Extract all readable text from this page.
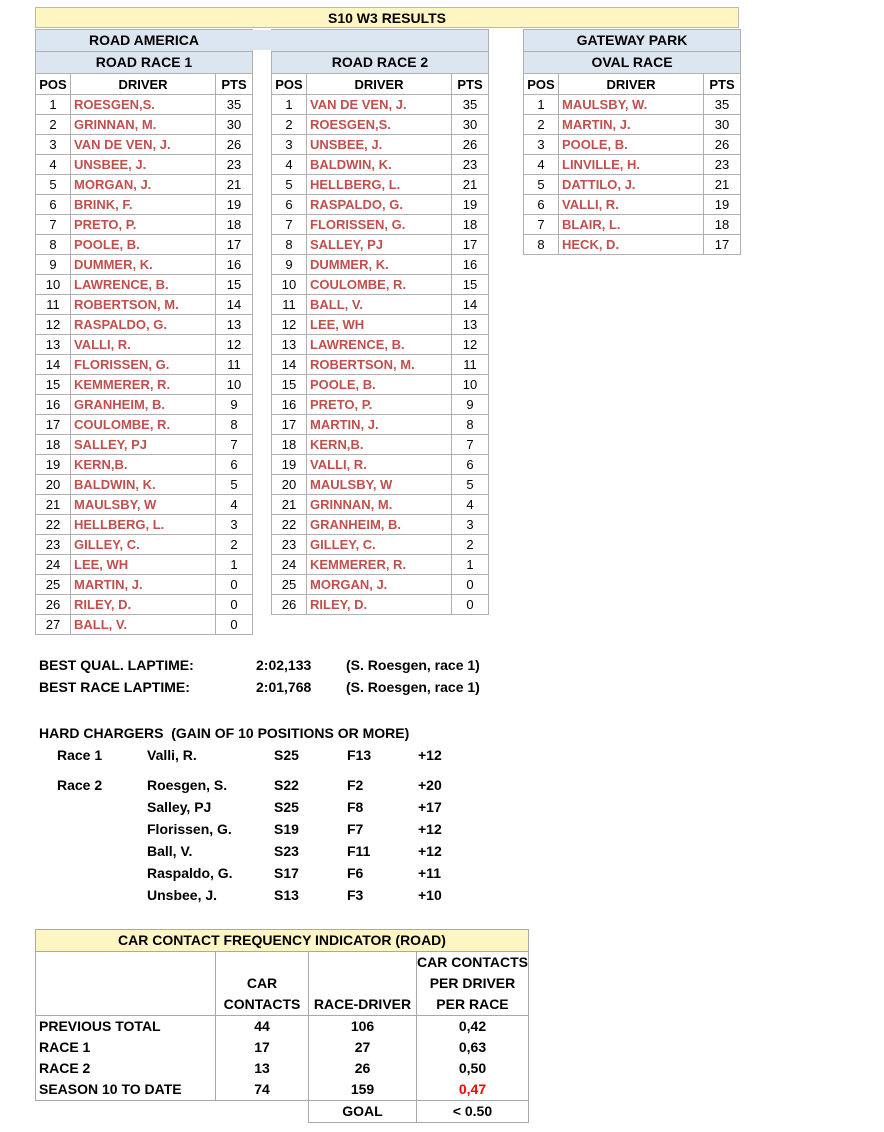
S10 W3 RESULTS
ROAD AMERICA		
ROAD RACE 1		
POS	DRIVER	PTS
1	ROESGEN,S.	35
2	GRINNAN, M.	30
3	VAN DE VEN, J.	26
4	UNSBEE, J.	23
5	MORGAN, J.	21
6	BRINK, F.	19
7	PRETO, P.	18
8	POOLE, B.	17
9	DUMMER, K.	16
10	LAWRENCE, B.	15
11	ROBERTSON, M.	14
12	RASPALDO, G.	13
13	VALLI, R.	12
14	FLORISSEN, G.	11
15	KEMMERER, R.	10
16	GRANHEIM, B.	9
17	COULOMBE, R.	8
18	SALLEY, PJ	7
19	KERN,B.	6
20	BALDWIN, K.	5
21	MAULSBY, W	4
22	HELLBERG, L.	3
23	GILLEY, C.	2
24	LEE, WH	1
25	MARTIN, J.	0
26	RILEY, D.	0
27	BALL, V.	0

ROAD RACE 2		
POS	DRIVER	PTS
1	VAN DE VEN, J.	35
2	ROESGEN,S.	30
3	UNSBEE, J.	26
4	BALDWIN, K.	23
5	HELLBERG, L.	21
6	RASPALDO, G.	19
7	FLORISSEN, G.	18
8	SALLEY, PJ	17
9	DUMMER, K.	16
10	COULOMBE, R.	15
11	BALL, V.	14
12	LEE, WH	13
13	LAWRENCE, B.	12
14	ROBERTSON, M.	11
15	POOLE, B.	10
16	PRETO, P.	9
17	MARTIN, J.	8
18	KERN,B.	7
19	VALLI, R.	6
20	MAULSBY, W	5
21	GRINNAN, M.	4
22	GRANHEIM, B.	3
23	GILLEY, C.	2
24	KEMMERER, R.	1
25	MORGAN, J.	0
26	RILEY, D.	0
GATEWAY PARK		
OVAL RACE		
POS	DRIVER	PTS
1	MAULSBY, W.	35
2	MARTIN, J.	30
3	POOLE, B.	26
4	LINVILLE, H.	23
5	DATTILO, J.	21
6	VALLI, R.	19
7	BLAIR, L.	18
8	HECK, D.	17
BEST QUAL. LAPTIME:	2:02,133 (S. Roesgen, race 1)
BEST RACE LAPTIME:	2:01,768 (S. Roesgen, race 1)
HARD CHARGERS  (GAIN OF 10 POSITIONS OR MORE)
Race 1	Valli, R.	S25	F13	+12
Race 2	Roesgen, S.	S22	F2	+20
Salley, PJ	S25	F8	+17
Florissen, G.	S19	F7	+12
Ball, V.	S23	F11	+12
Raspaldo, G.	S17	F6	+11
Unsbee, J.	S13	F3	+10
CAR CONTACT FREQUENCY INDICATOR (ROAD)			
			CAR CONTACTS
	CAR		PER DRIVER
	CONTACTS	RACE-DRIVER	PER RACE
PREVIOUS TOTAL	44	106	0,42
RACE 1	17	27	0,63
RACE 2	13	26	0,50
SEASON 10 TO DATE	74	159	0,47
		GOAL	< 0.50
